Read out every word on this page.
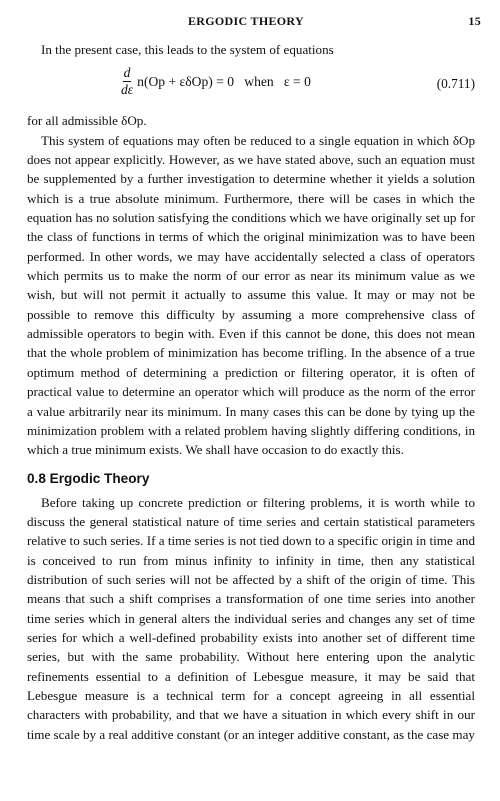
ERGODIC THEORY	15

In the present case, this leads to the system of equations

$\frac{d}{d\varepsilon} n(Op + \varepsilon\delta Op) = 0$   when   ε = 0	(0.711)

for all admissible δOp.

This system of equations may often be reduced to a single equation in which δOp does not appear explicitly. However, as we have stated above, such an equation must be supplemented by a further investigation to determine whether it yields a solution which is a true absolute minimum. Furthermore, there will be cases in which the equation has no solution satisfying the conditions which we have originally set up for the class of functions in terms of which the original minimization was to have been performed. In other words, we may have accidentally selected a class of operators which permits us to make the norm of our error as near its minimum value as we wish, but will not permit it actually to assume this value. It may or may not be possible to remove this difficulty by assuming a more comprehensive class of admissible operators to begin with. Even if this cannot be done, this does not mean that the whole problem of minimization has become trifling. In the absence of a true optimum method of determining a prediction or filtering operator, it is often of practical value to determine an operator which will produce as the norm of the error a value arbitrarily near its minimum. In many cases this can be done by tying up the minimization problem with a related problem having slightly differing conditions, in which a true minimum exists. We shall have occasion to do exactly this.

0.8 Ergodic Theory

Before taking up concrete prediction or filtering problems, it is worth while to discuss the general statistical nature of time series and certain statistical parameters relative to such series. If a time series is not tied down to a specific origin in time and is conceived to run from minus infinity to infinity in time, then any statistical distribution of such series will not be affected by a shift of the origin of time. This means that such a shift comprises a transformation of one time series into another time series which in general alters the individual series and changes any set of time series for which a well-defined probability exists into another set of different time series, but with the same probability. Without here entering upon the analytic refinements essential to a definition of Lebesgue measure, it may be said that Lebesgue measure is a technical term for a concept agreeing in all essential characters with probability, and that we have a situation in which every shift in our time scale by a real additive constant (or an integer additive constant, as the case may
